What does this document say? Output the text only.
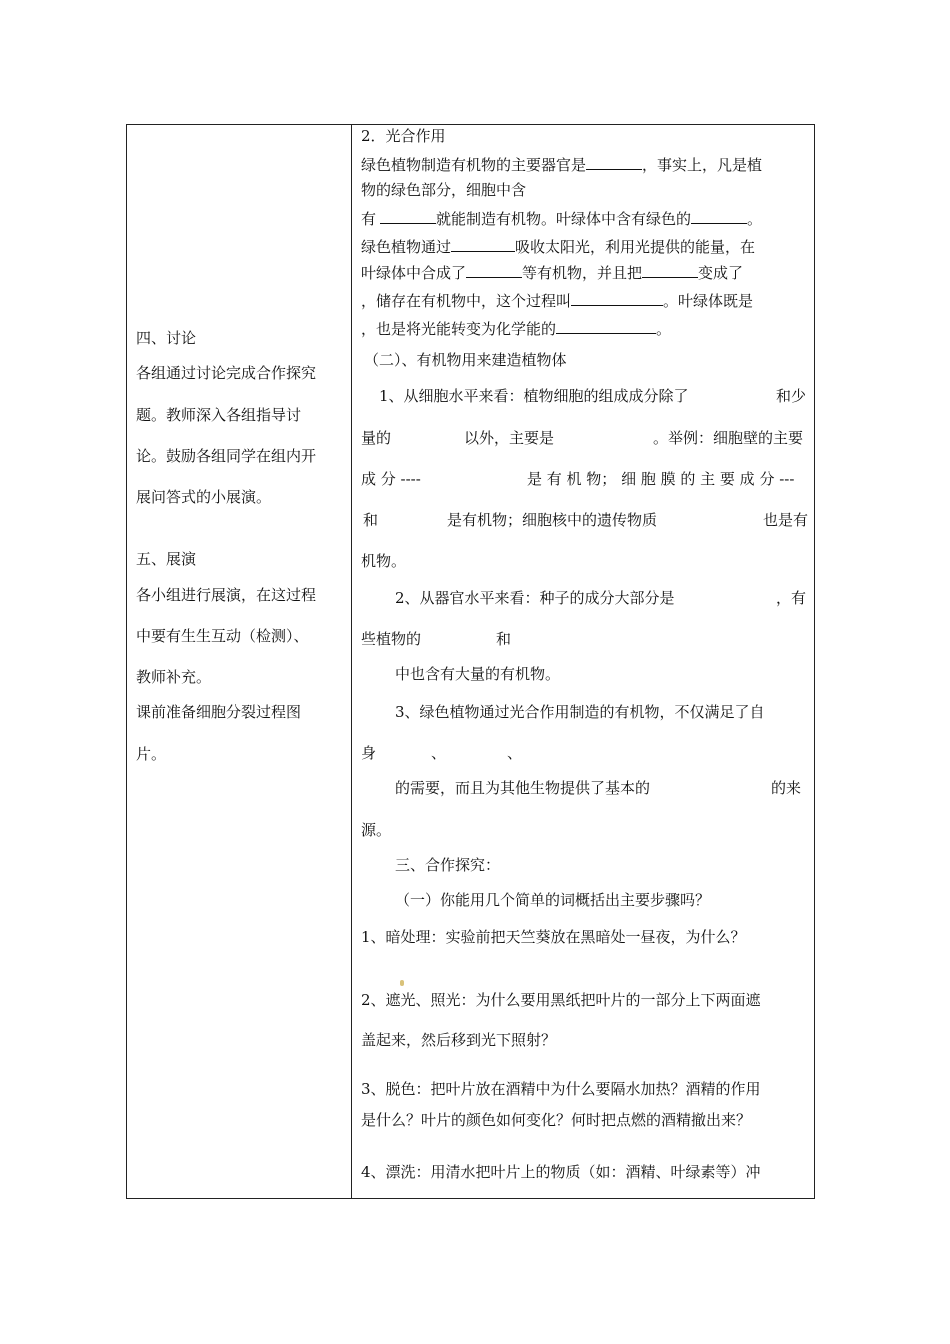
四、讨论
各组通过讨论完成合作探究
题。教师深入各组指导讨
论。鼓励各组同学在组内开
展问答式的小展演。
五、展演
各小组进行展演，在这过程
中要有生生互动（检测）、
教师补充。
课前准备细胞分裂过程图
片。
2．光合作用
绿色植物制造有机物的主要器官是	，事实上，凡是植
物的绿色部分，细胞中含
有	就能制造有机物。叶绿体中含有绿色的	。
绿色植物通过	吸收太阳光，利用光提供的能量，在
叶绿体中合成了	等有机物，并且把	变成了
，储存在有机物中，这个过程叫	。叶绿体既是
，也是将光能转变为化学能的	。
（二）、有机物用来建造植物体
1、从细胞水平来看：植物细胞的组成成分除了	和少
量的	以外，主要是	。举例：细胞壁的主要
成 分 ----	是 有 机 物； 细 胞 膜 的 主 要 成 分 ---
和	是有机物；细胞核中的遗传物质	也是有
机物。
2、从器官水平来看：种子的成分大部分是	，有
些植物的	和
中也含有大量的有机物。
3、绿色植物通过光合作用制造的有机物，不仅满足了自
身	、	、
的需要，而且为其他生物提供了基本的	的来
源。
三、合作探究：
（一）你能用几个简单的词概括出主要步骤吗？
1、暗处理：实验前把天竺葵放在黑暗处一昼夜，为什么？
2、遮光、照光：为什么要用黑纸把叶片的一部分上下两面遮
盖起来，然后移到光下照射？
3、脱色：把叶片放在酒精中为什么要隔水加热？酒精的作用
是什么？叶片的颜色如何变化？何时把点燃的酒精撤出来？
4、漂洗：用清水把叶片上的物质（如：酒精、叶绿素等）冲
